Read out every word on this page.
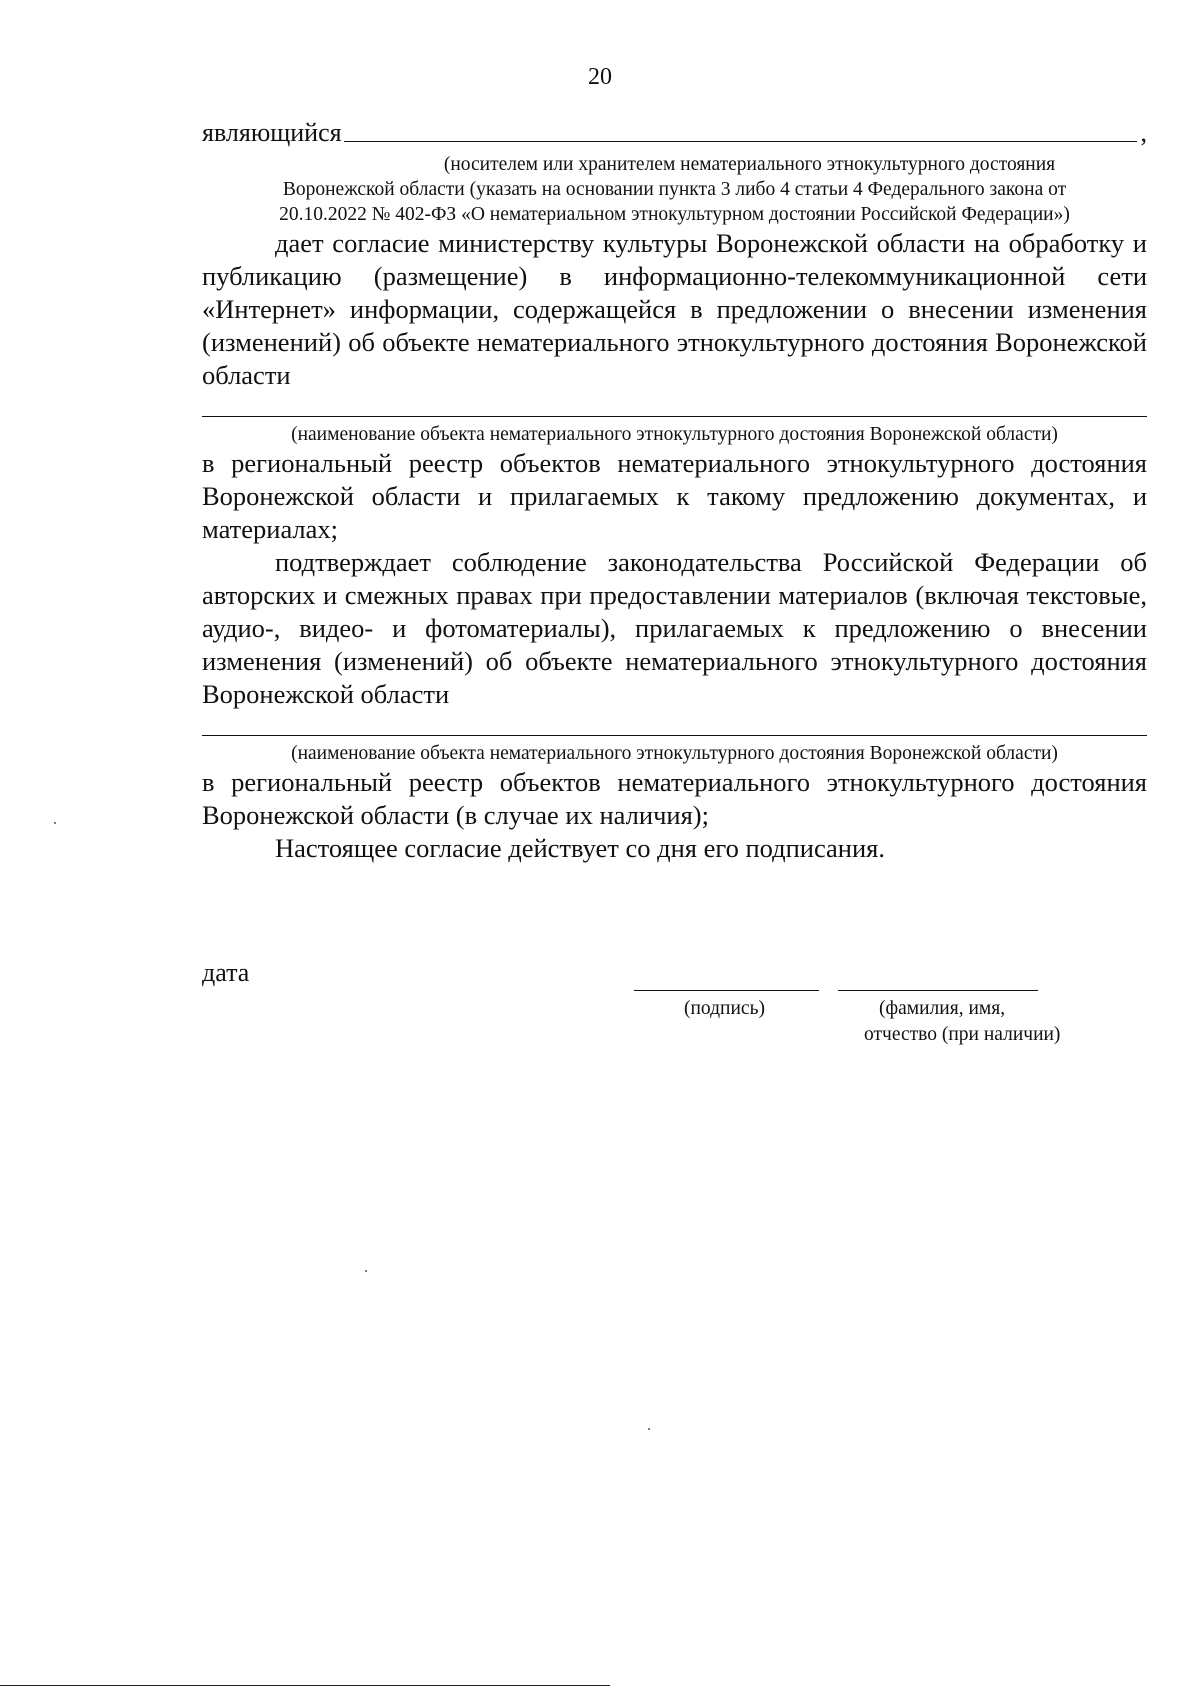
20
являющийся	,
(носителем или хранителем нематериального этнокультурного достояния
Воронежской области (указать на основании пункта 3 либо 4 статьи 4 Федерального закона от
20.10.2022 № 402-ФЗ «О нематериальном этнокультурном достоянии Российской Федерации»)

дает согласие министерству культуры Воронежской области на обработку и публикацию (размещение) в информационно-телекоммуникационной сети «Интернет» информации, содержащейся в предложении о внесении изменения (изменений) об объекте нематериального этнокультурного достояния Воронежской области

(наименование объекта нематериального этнокультурного достояния Воронежской области)

в региональный реестр объектов нематериального этнокультурного достояния Воронежской области и прилагаемых к такому предложению документах, и материалах;

подтверждает соблюдение законодательства Российской Федерации об авторских и смежных правах при предоставлении материалов (включая текстовые, аудио-, видео- и фотоматериалы), прилагаемых к предложению о внесении изменения (изменений) об объекте нематериального этнокультурного достояния Воронежской области

(наименование объекта нематериального этнокультурного достояния Воронежской области)

в региональный реестр объектов нематериального этнокультурного достояния Воронежской области (в случае их наличия);

Настоящее согласие действует со дня его подписания.

дата
(подпись)	(фамилия, имя,
отчество (при наличии)
